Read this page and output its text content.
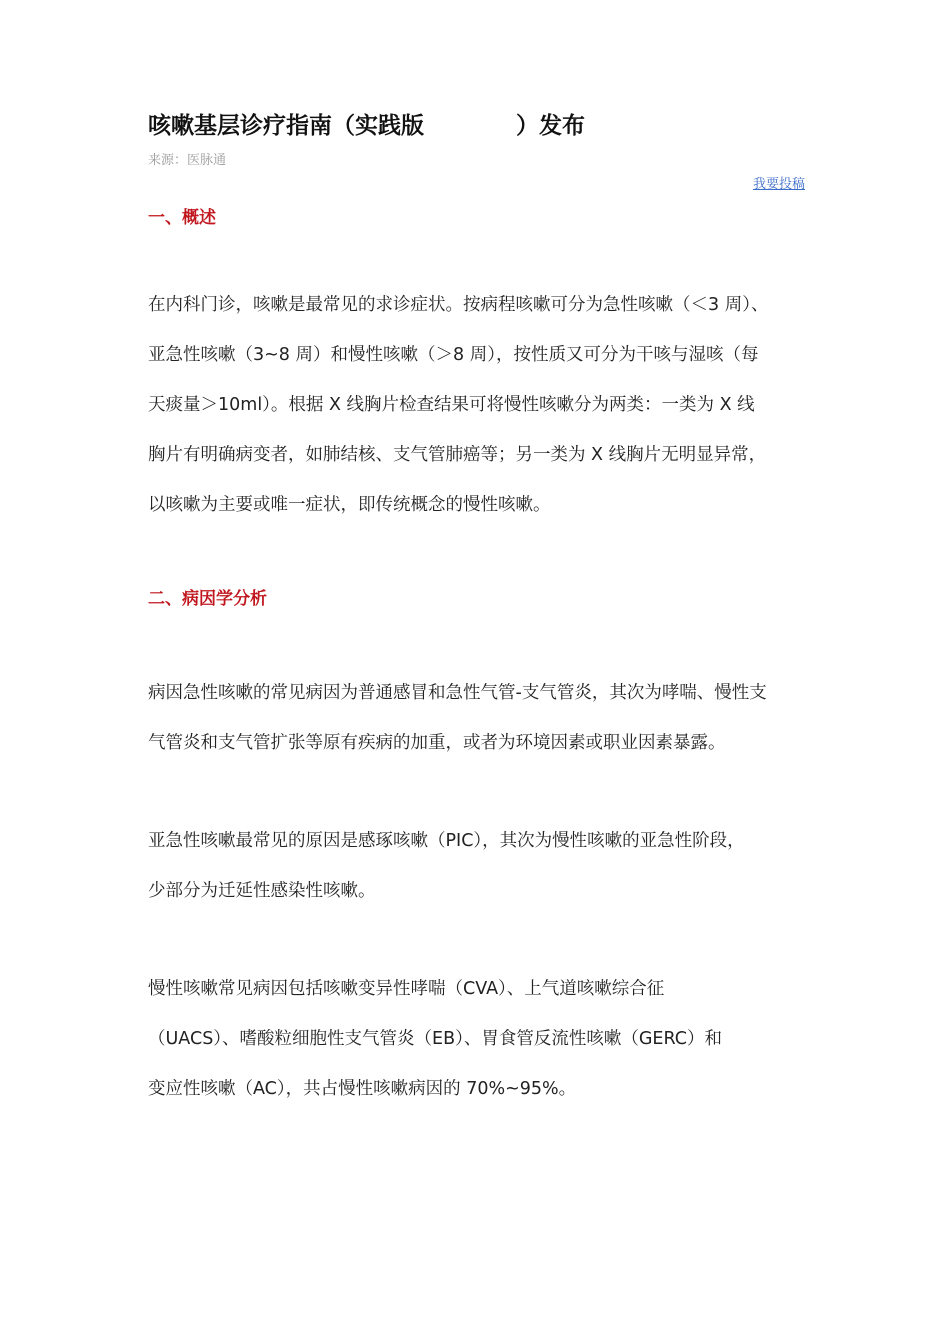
咳嗽基层诊疗指南（实践版	）发布
来源：医脉通
我要投稿
一、概述
在内科门诊，咳嗽是最常见的求诊症状。按病程咳嗽可分为急性咳嗽（＜3 周）、
亚急性咳嗽（3~8 周）和慢性咳嗽（＞8 周），按性质又可分为干咳与湿咳（每
天痰量＞10ml）。根据 X 线胸片检查结果可将慢性咳嗽分为两类：一类为 X 线
胸片有明确病变者，如肺结核、支气管肺癌等；另一类为 X 线胸片无明显异常，
以咳嗽为主要或唯一症状，即传统概念的慢性咳嗽。
二、病因学分析
病因急性咳嗽的常见病因为普通感冒和急性气管-支气管炎，其次为哮喘、慢性支
气管炎和支气管扩张等原有疾病的加重，或者为环境因素或职业因素暴露。
亚急性咳嗽最常见的原因是感琢咳嗽（PIC），其次为慢性咳嗽的亚急性阶段，
少部分为迁延性感染性咳嗽。
慢性咳嗽常见病因包括咳嗽变异性哮喘（CVA）、上气道咳嗽综合征
（UACS）、嗜酸粒细胞性支气管炎（EB）、胃食管反流性咳嗽（GERC）和
变应性咳嗽（AC），共占慢性咳嗽病因的 70%~95%。
